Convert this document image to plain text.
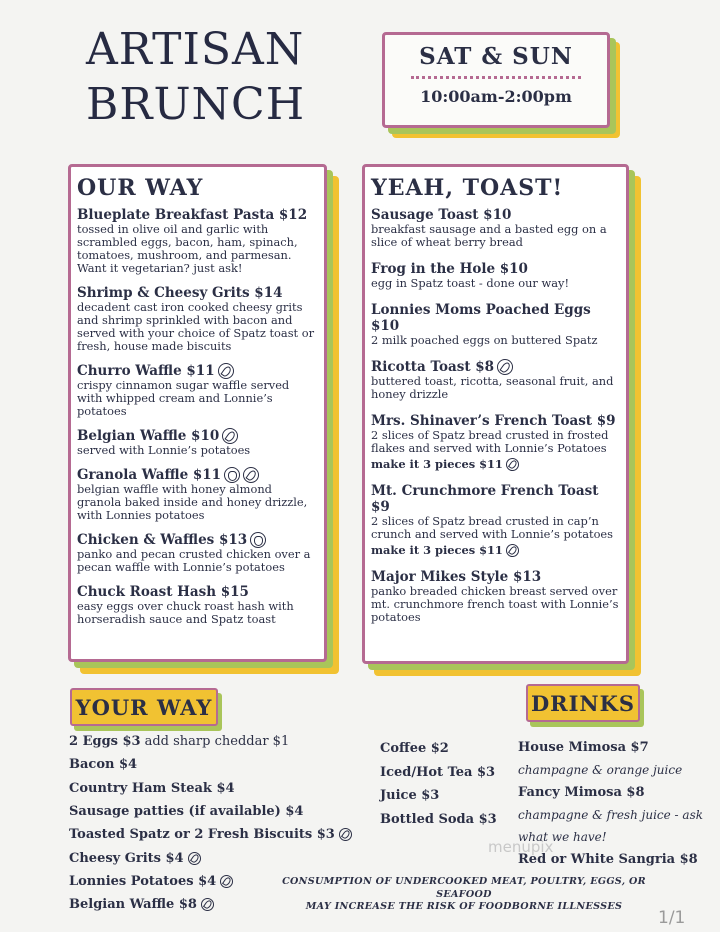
ARTISAN
BRUNCH
SAT & SUN
10:00am-2:00pm
OUR WAY
Blueplate Breakfast Pasta $12
tossed in olive oil and garlic with scrambled eggs, bacon, ham, spinach, tomatoes, mushroom, and parmesan. Want it vegetarian? just ask!
Shrimp & Cheesy Grits $14
decadent cast iron cooked cheesy grits and shrimp sprinkled with bacon and served with your choice of Spatz toast or fresh, house made biscuits
Churro Waffle $11
crispy cinnamon sugar waffle served with whipped cream and Lonnie’s potatoes
Belgian Waffle $10
served with Lonnie’s potatoes
Granola Waffle $11
belgian waffle with honey almond granola baked inside and honey drizzle, with Lonnies potatoes
Chicken & Waffles $13
panko and pecan crusted chicken over a pecan waffle with Lonnie’s potatoes
Chuck Roast Hash $15
easy eggs over chuck roast hash with horseradish sauce and Spatz toast
YEAH, TOAST!
Sausage Toast $10
breakfast sausage and a basted egg on a slice of wheat berry bread
Frog in the Hole $10
egg in Spatz toast - done our way!
Lonnies Moms Poached Eggs $10
2 milk poached eggs on buttered Spatz
Ricotta Toast $8
buttered toast, ricotta, seasonal fruit, and honey drizzle
Mrs. Shinaver’s French Toast $9
2 slices of Spatz bread crusted in frosted flakes and served with Lonnie’s Potatoes
make it 3 pieces $11
Mt. Crunchmore French Toast $9
2 slices of Spatz bread crusted in cap’n crunch and served with Lonnie’s potatoes
make it 3 pieces $11
Major Mikes Style $13
panko breaded chicken breast served over mt. crunchmore french toast with Lonnie’s potatoes
YOUR WAY	DRINKS
2 Eggs $3 add sharp cheddar $1
Bacon $4
Country Ham Steak $4
Sausage patties (if available) $4
Toasted Spatz or 2 Fresh Biscuits $3
Cheesy Grits $4
Lonnies Potatoes $4
Belgian Waffle $8
Coffee $2
Iced/Hot Tea $3
Juice $3
Bottled Soda $3
House Mimosa $7
champagne & orange juice
Fancy Mimosa $8
champagne & fresh juice - ask what we have!
Red or White Sangria $8
menupix
CONSUMPTION OF UNDERCOOKED MEAT, POULTRY, EGGS, OR SEAFOOD
MAY INCREASE THE RISK OF FOODBORNE ILLNESSES
1/1
